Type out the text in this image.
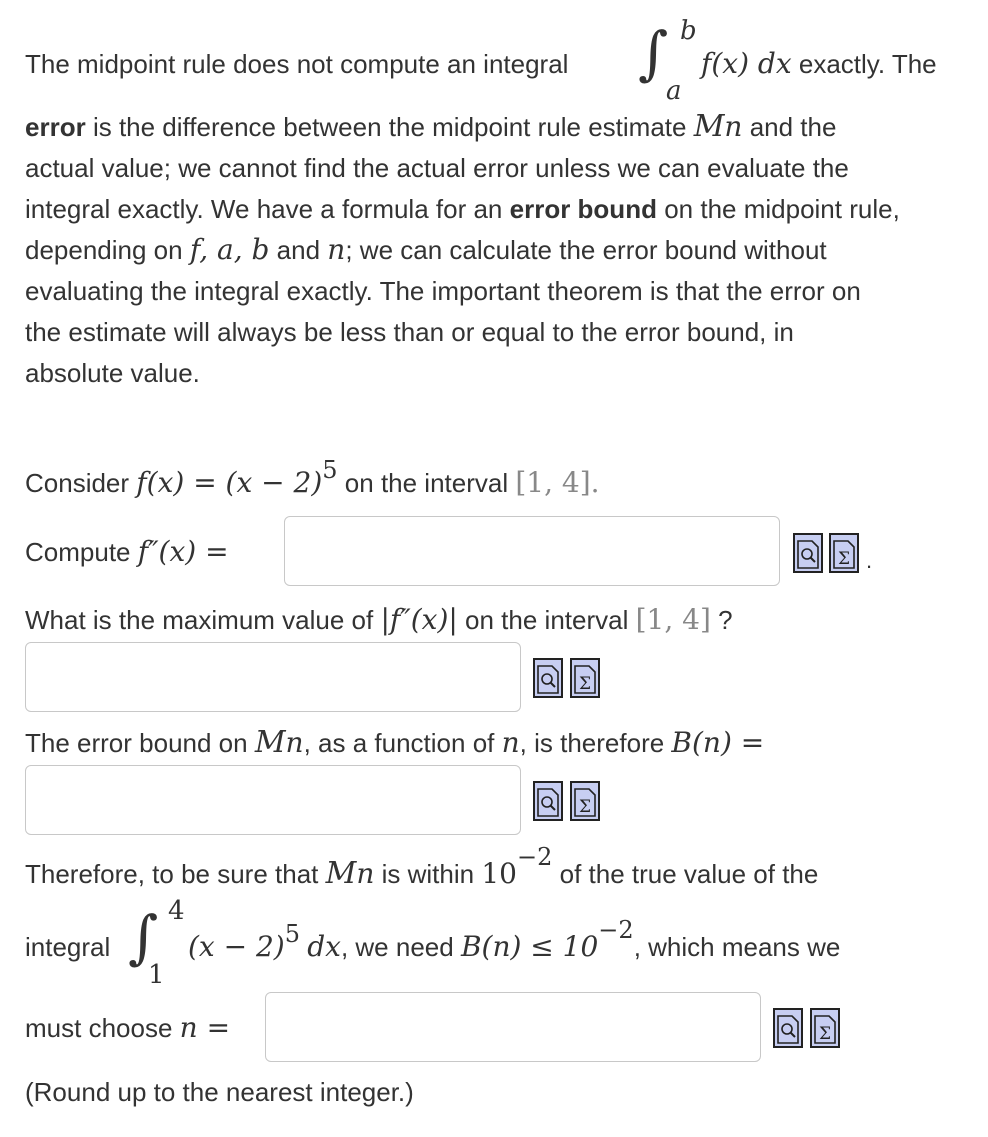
The midpoint rule does not compute an integral ∫ b
a
f(x) dx exactly. The
error is the difference between the midpoint rule estimate Mn and the
actual value; we cannot find the actual error unless we can evaluate the
integral exactly. We have a formula for an error bound on the midpoint rule,
depending on f, a, b and n; we can calculate the error bound without
evaluating the integral exactly. The important theorem is that the error on
the estimate will always be less than or equal to the error bound, in
absolute value.
Consider f(x) = (x − 2)5 on the interval [1, 4].
Compute f″(x) =	Σ .
What is the maximum value of |f″(x)| on the interval [1, 4] ?
Σ
The error bound on Mn, as a function of n, is therefore B(n) =
Σ
Therefore, to be sure that Mn is within 10−2 of the true value of the
integral ∫ 4
1
(x − 2)5 dx, we need B(n) ≤ 10−2, which means we
must choose n =	Σ
(Round up to the nearest integer.)
